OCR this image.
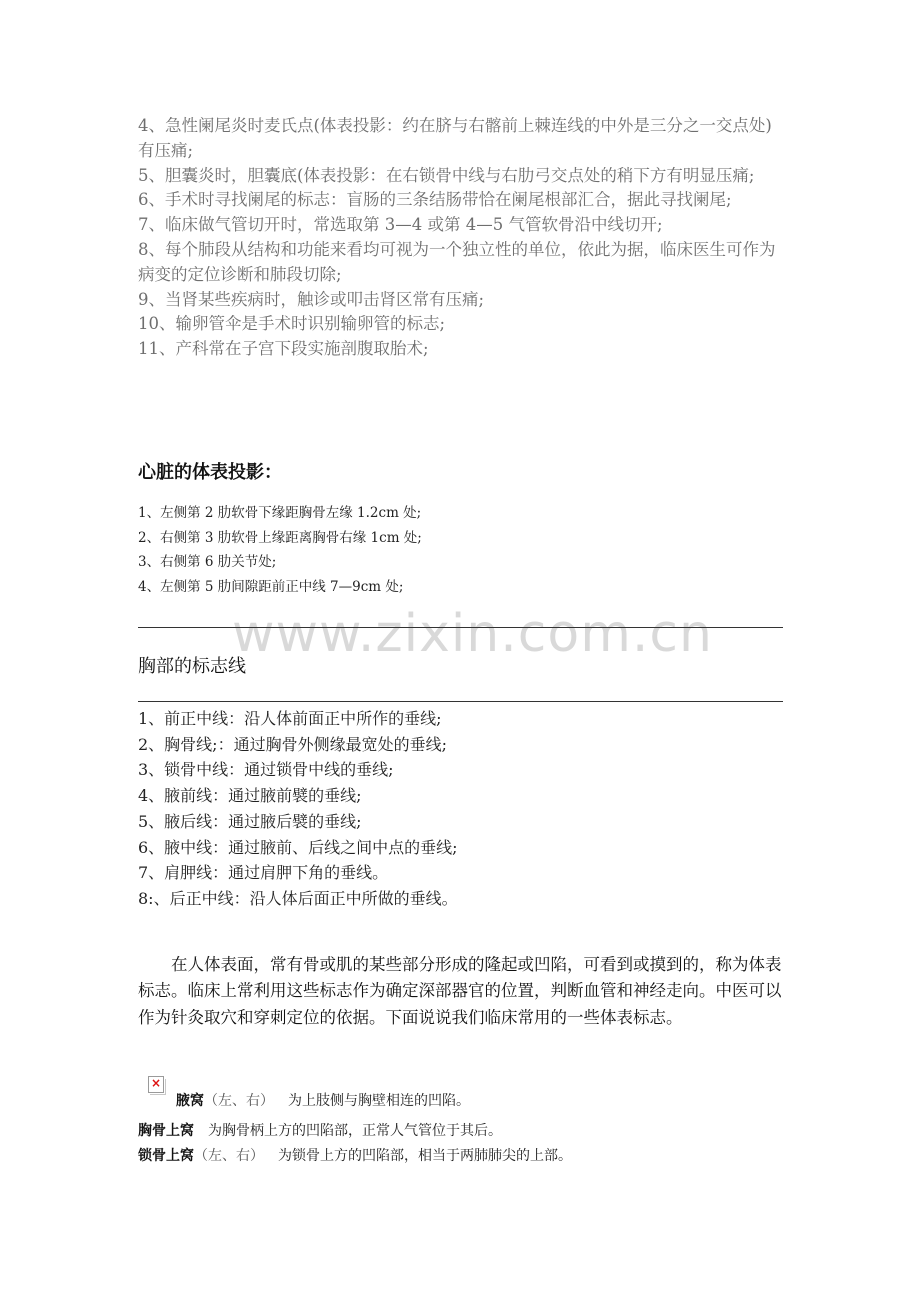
4、急性阑尾炎时麦氏点(体表投影：约在脐与右髂前上棘连线的中外是三分之一交点处)有压痛;

5、胆囊炎时，胆囊底(体表投影：在右锁骨中线与右肋弓交点处的稍下方有明显压痛;

6、手术时寻找阑尾的标志：盲肠的三条结肠带恰在阑尾根部汇合，据此寻找阑尾;

7、临床做气管切开时，常选取第 3—4 或第 4—5 气管软骨沿中线切开;

8、每个肺段从结构和功能来看均可视为一个独立性的单位，依此为据，临床医生可作为病变的定位诊断和肺段切除;

9、当肾某些疾病时，触诊或叩击肾区常有压痛;

10、输卵管伞是手术时识别输卵管的标志;

11、产科常在子宫下段实施剖腹取胎术;

心脏的体表投影：
1、左侧第 2 肋软骨下缘距胸骨左缘 1.2cm 处;
2、右侧第 3 肋软骨上缘距离胸骨右缘 1cm 处;
3、右侧第 6 肋关节处;
4、左侧第 5 肋间隙距前正中线 7—9cm 处;
www.zixin.com.cn
胸部的标志线
1、前正中线：沿人体前面正中所作的垂线;
2、胸骨线;：通过胸骨外侧缘最宽处的垂线;
3、锁骨中线：通过锁骨中线的垂线;
4、腋前线：通过腋前襞的垂线;
5、腋后线：通过腋后襞的垂线;
6、腋中线：通过腋前、后线之间中点的垂线;
7、肩胛线：通过肩胛下角的垂线。
8:、后正中线：沿人体后面正中所做的垂线。

在人体表面，常有骨或肌的某些部分形成的隆起或凹陷，可看到或摸到的，称为体表标志。临床上常利用这些标志作为确定深部器官的位置，判断血管和神经走向。中医可以作为针灸取穴和穿刺定位的依据。下面说说我们临床常用的一些体表标志。

×
腋窝（左、右） 为上肢侧与胸壁相连的凹陷。
胸骨上窝 为胸骨柄上方的凹陷部，正常人气管位于其后。
锁骨上窝（左、右） 为锁骨上方的凹陷部，相当于两肺肺尖的上部。
